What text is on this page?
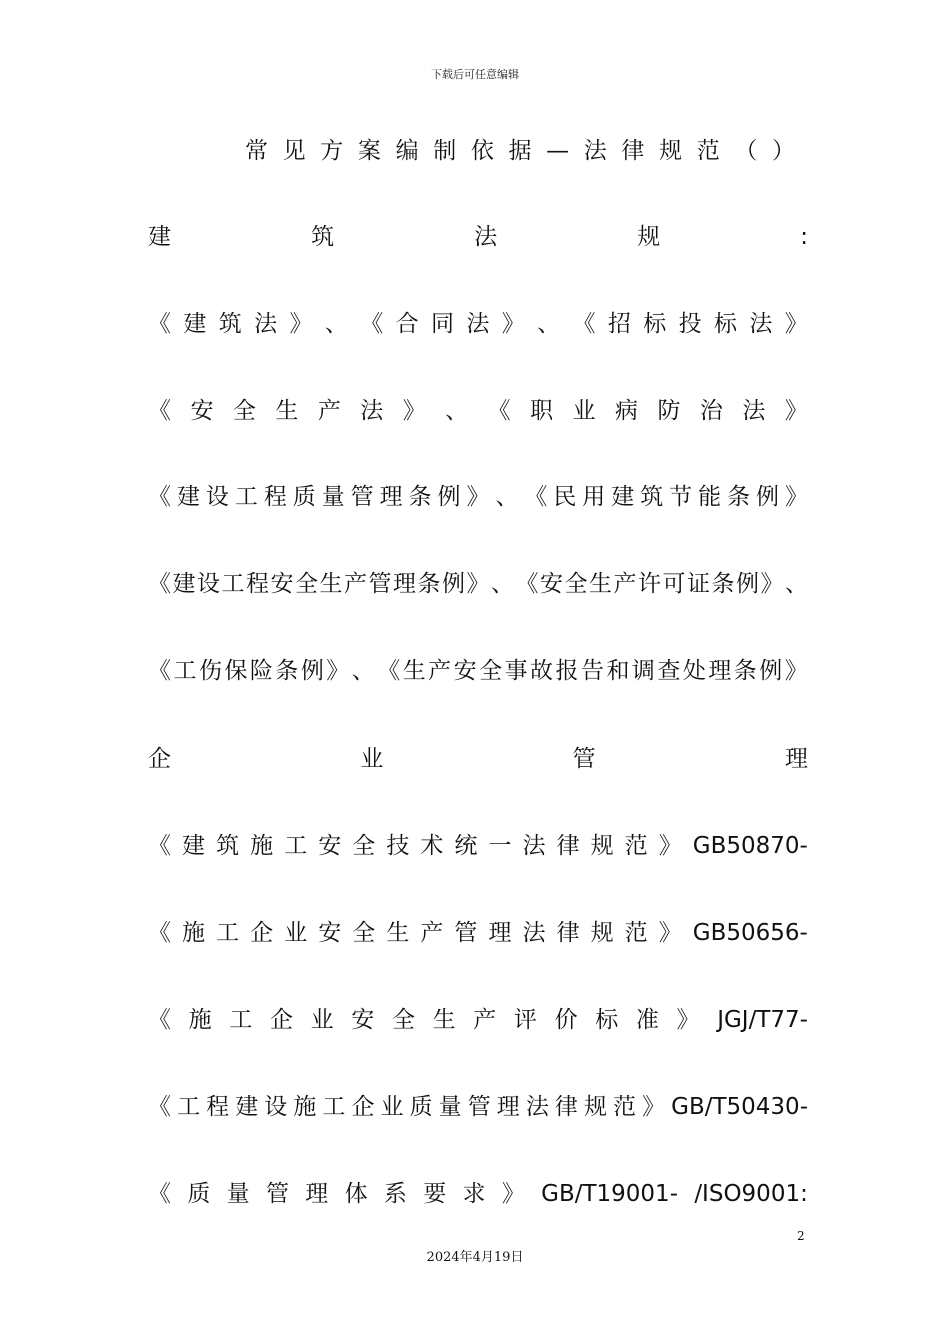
下载后可任意编辑
常 见 方 案 编 制 依 据 — 法 律 规 范 （ ）
建	筑	法	规	:
《 建 筑 法 》 、 《 合 同 法 》 、 《 招 标 投 标 法 》
《 安 全 生 产 法 》 、 《 职 业 病 防 治 法 》
《 建 设 工 程 质 量 管 理 条 例 》 、 《 民 用 建 筑 节 能 条 例 》
《 建 设 工 程 安 全 生 产 管 理 条 例 》 、 《 安 全 生 产 许 可 证 条 例 》 、
《 工 伤 保 险 条 例 》 、 《 生 产 安 全 事 故 报 告 和 调 查 处 理 条 例 》
企	业	管	理
《 建 筑 施 工 安 全 技 术 统 一 法 律 规 范 》 GB50870-
《 施 工 企 业 安 全 生 产 管 理 法 律 规 范 》 GB50656-
《 施 工 企 业 安 全 生 产 评 价 标 准 》 JGJ/T77-
《 工 程 建 设 施 工 企 业 质 量 管 理 法 律 规 范 》 GB/T50430-
《 质 量 管 理 体 系 要 求 》 GB/T19001- /ISO9001:
2
2024年4月19日
